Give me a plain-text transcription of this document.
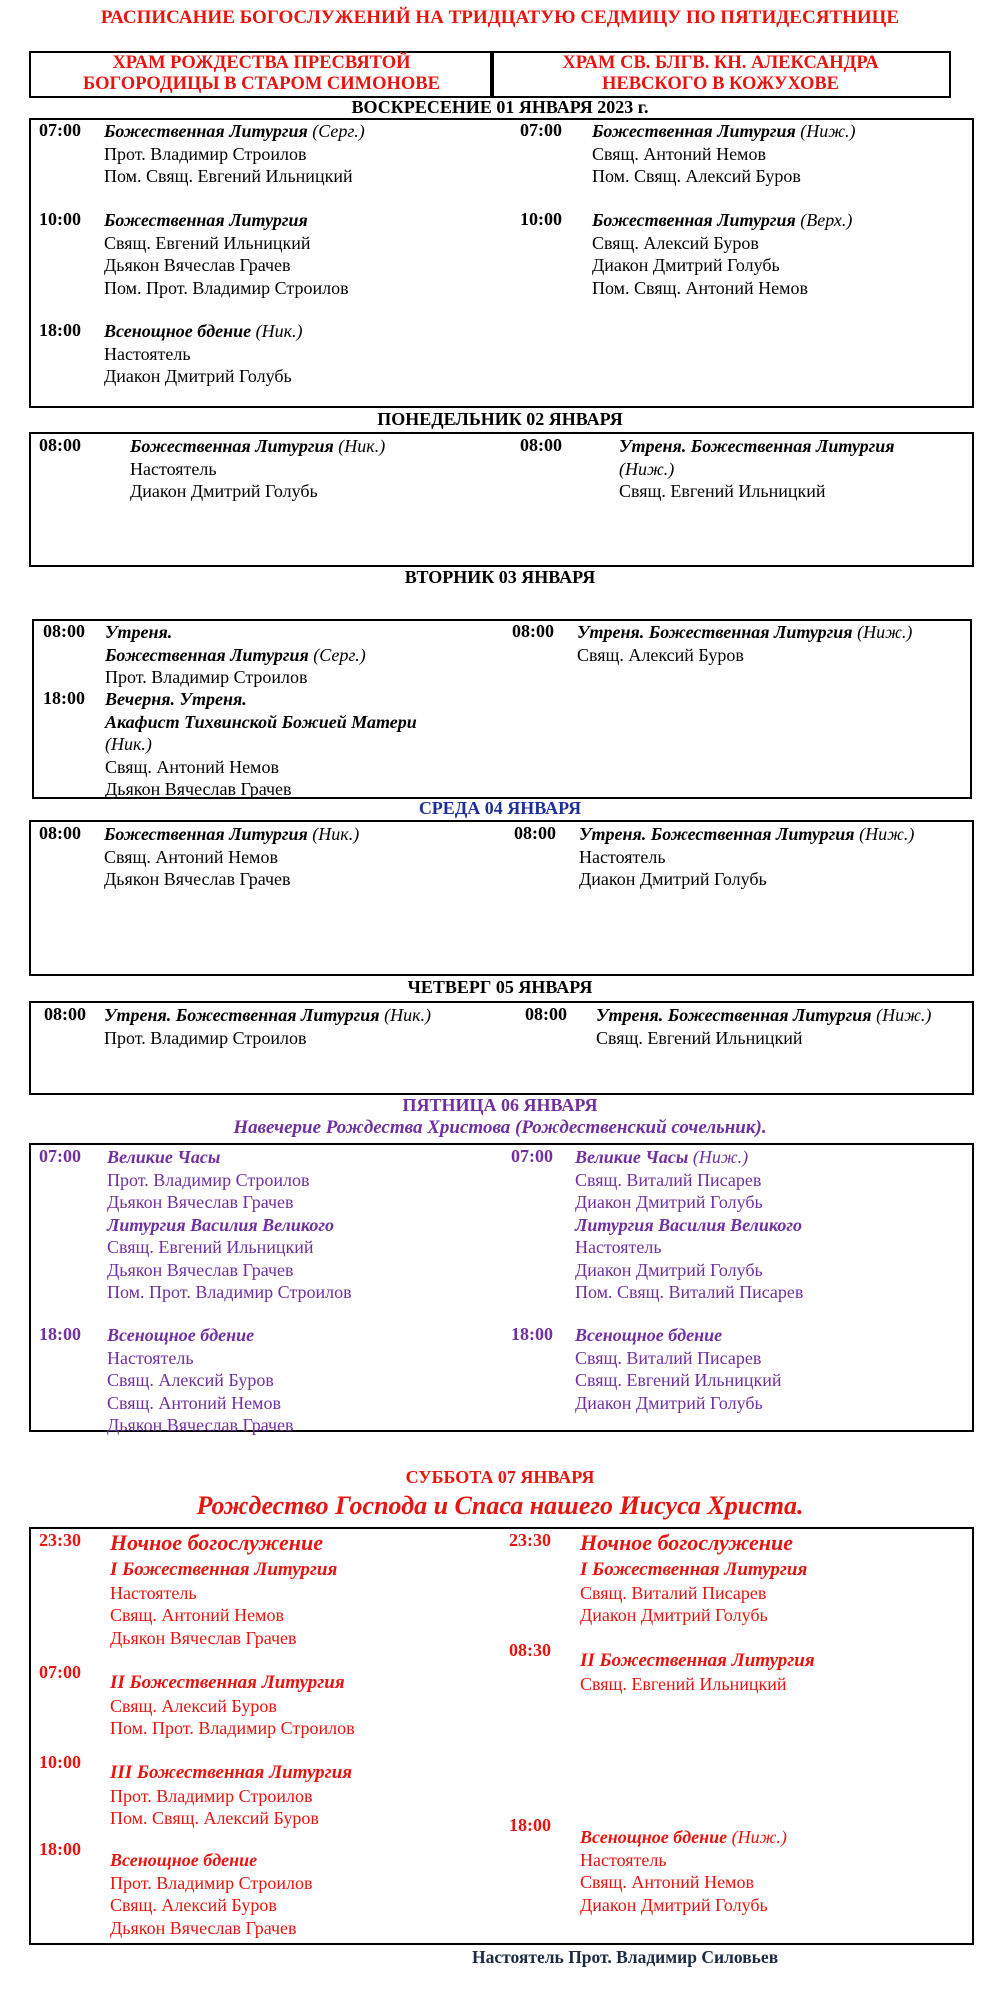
РАСПИСАНИЕ БОГОСЛУЖЕНИЙ НА ТРИДЦАТУЮ СЕДМИЦУ ПО ПЯТИДЕСЯТНИЦЕ
ХРАМ РОЖДЕСТВА ПРЕСВЯТОЙ
БОГОРОДИЦЫ В СТАРОМ СИМОНОВЕ
ХРАМ СВ. БЛГВ. КН. АЛЕКСАНДРА
НЕВСКОГО В КОЖУХОВЕ
ВОСКРЕСЕНИЕ 01 ЯНВАРЯ 2023 г.
07:00 Божественная Литургия (Серг.)
Прот. Владимир Строилов
Пом. Свящ. Евгений Ильницкий
10:00 Божественная Литургия
Свящ. Евгений Ильницкий
Дьякон Вячеслав Грачев
Пом. Прот. Владимир Строилов
18:00 Всенощное бдение (Ник.)
Настоятель
Диакон Дмитрий Голубь
07:00 Божественная Литургия (Ниж.)
Свящ. Антоний Немов
Пом. Свящ. Алексий Буров
10:00 Божественная Литургия (Верх.)
Свящ. Алексий Буров
Диакон Дмитрий Голубь
Пом. Свящ. Антоний Немов
ПОНЕДЕЛЬНИК 02 ЯНВАРЯ
08:00	Божественная Литургия (Ник.)
Настоятель
Диакон Дмитрий Голубь
08:00	Утреня. Божественная Литургия
(Ниж.)
Свящ. Евгений Ильницкий
ВТОРНИК 03 ЯНВАРЯ
08:00 Утреня.
Божественная Литургия (Серг.)
Прот. Владимир Строилов
18:00 Вечерня. Утреня.
Акафист Тихвинской Божией Матери
(Ник.)
Свящ. Антоний Немов
Дьякон Вячеслав Грачев
08:00 Утреня. Божественная Литургия (Ниж.)
Свящ. Алексий Буров
СРЕДА 04 ЯНВАРЯ
08:00 Божественная Литургия (Ник.)
Свящ. Антоний Немов
Дьякон Вячеслав Грачев
08:00 Утреня. Божественная Литургия (Ниж.)
Настоятель
Диакон Дмитрий Голубь
ЧЕТВЕРГ 05 ЯНВАРЯ
08:00 Утреня. Божественная Литургия (Ник.)
Прот. Владимир Строилов
08:00 Утреня. Божественная Литургия (Ниж.)
Свящ. Евгений Ильницкий
ПЯТНИЦА 06 ЯНВАРЯ
Навечерие Рождества Христова (Рождественский сочельник).
07:00 Великие Часы
Прот. Владимир Строилов
Дьякон Вячеслав Грачев
Литургия Василия Великого
Свящ. Евгений Ильницкий
Дьякон Вячеслав Грачев
Пом. Прот. Владимир Строилов
18:00 Всенощное бдение
Настоятель
Свящ. Алексий Буров
Свящ. Антоний Немов
Дьякон Вячеслав Грачев
07:00 Великие Часы (Ниж.)
Свящ. Виталий Писарев
Диакон Дмитрий Голубь
Литургия Василия Великого
Настоятель
Диакон Дмитрий Голубь
Пом. Свящ. Виталий Писарев
18:00 Всенощное бдение
Свящ. Виталий Писарев
Свящ. Евгений Ильницкий
Диакон Дмитрий Голубь
СУББОТА 07 ЯНВАРЯ
Рождество Господа и Спаса нашего Иисуса Христа.
23:30 Ночное богослужение
I Божественная Литургия
Настоятель
Свящ. Антоний Немов
Дьякон Вячеслав Грачев
07:00 II Божественная Литургия
Свящ. Алексий Буров
Пом. Прот. Владимир Строилов
10:00 III Божественная Литургия
Прот. Владимир Строилов
Пом. Свящ. Алексий Буров
18:00
Всенощное бдение
Прот. Владимир Строилов
Свящ. Алексий Буров
Дьякон Вячеслав Грачев
23:30 Ночное богослужение
I Божественная Литургия
Свящ. Виталий Писарев
Диакон Дмитрий Голубь
08:30 II Божественная Литургия
Свящ. Евгений Ильницкий
18:00
Всенощное бдение (Ниж.)
Настоятель
Свящ. Антоний Немов
Диакон Дмитрий Голубь
Настоятель Прот. Владимир Силовьев
